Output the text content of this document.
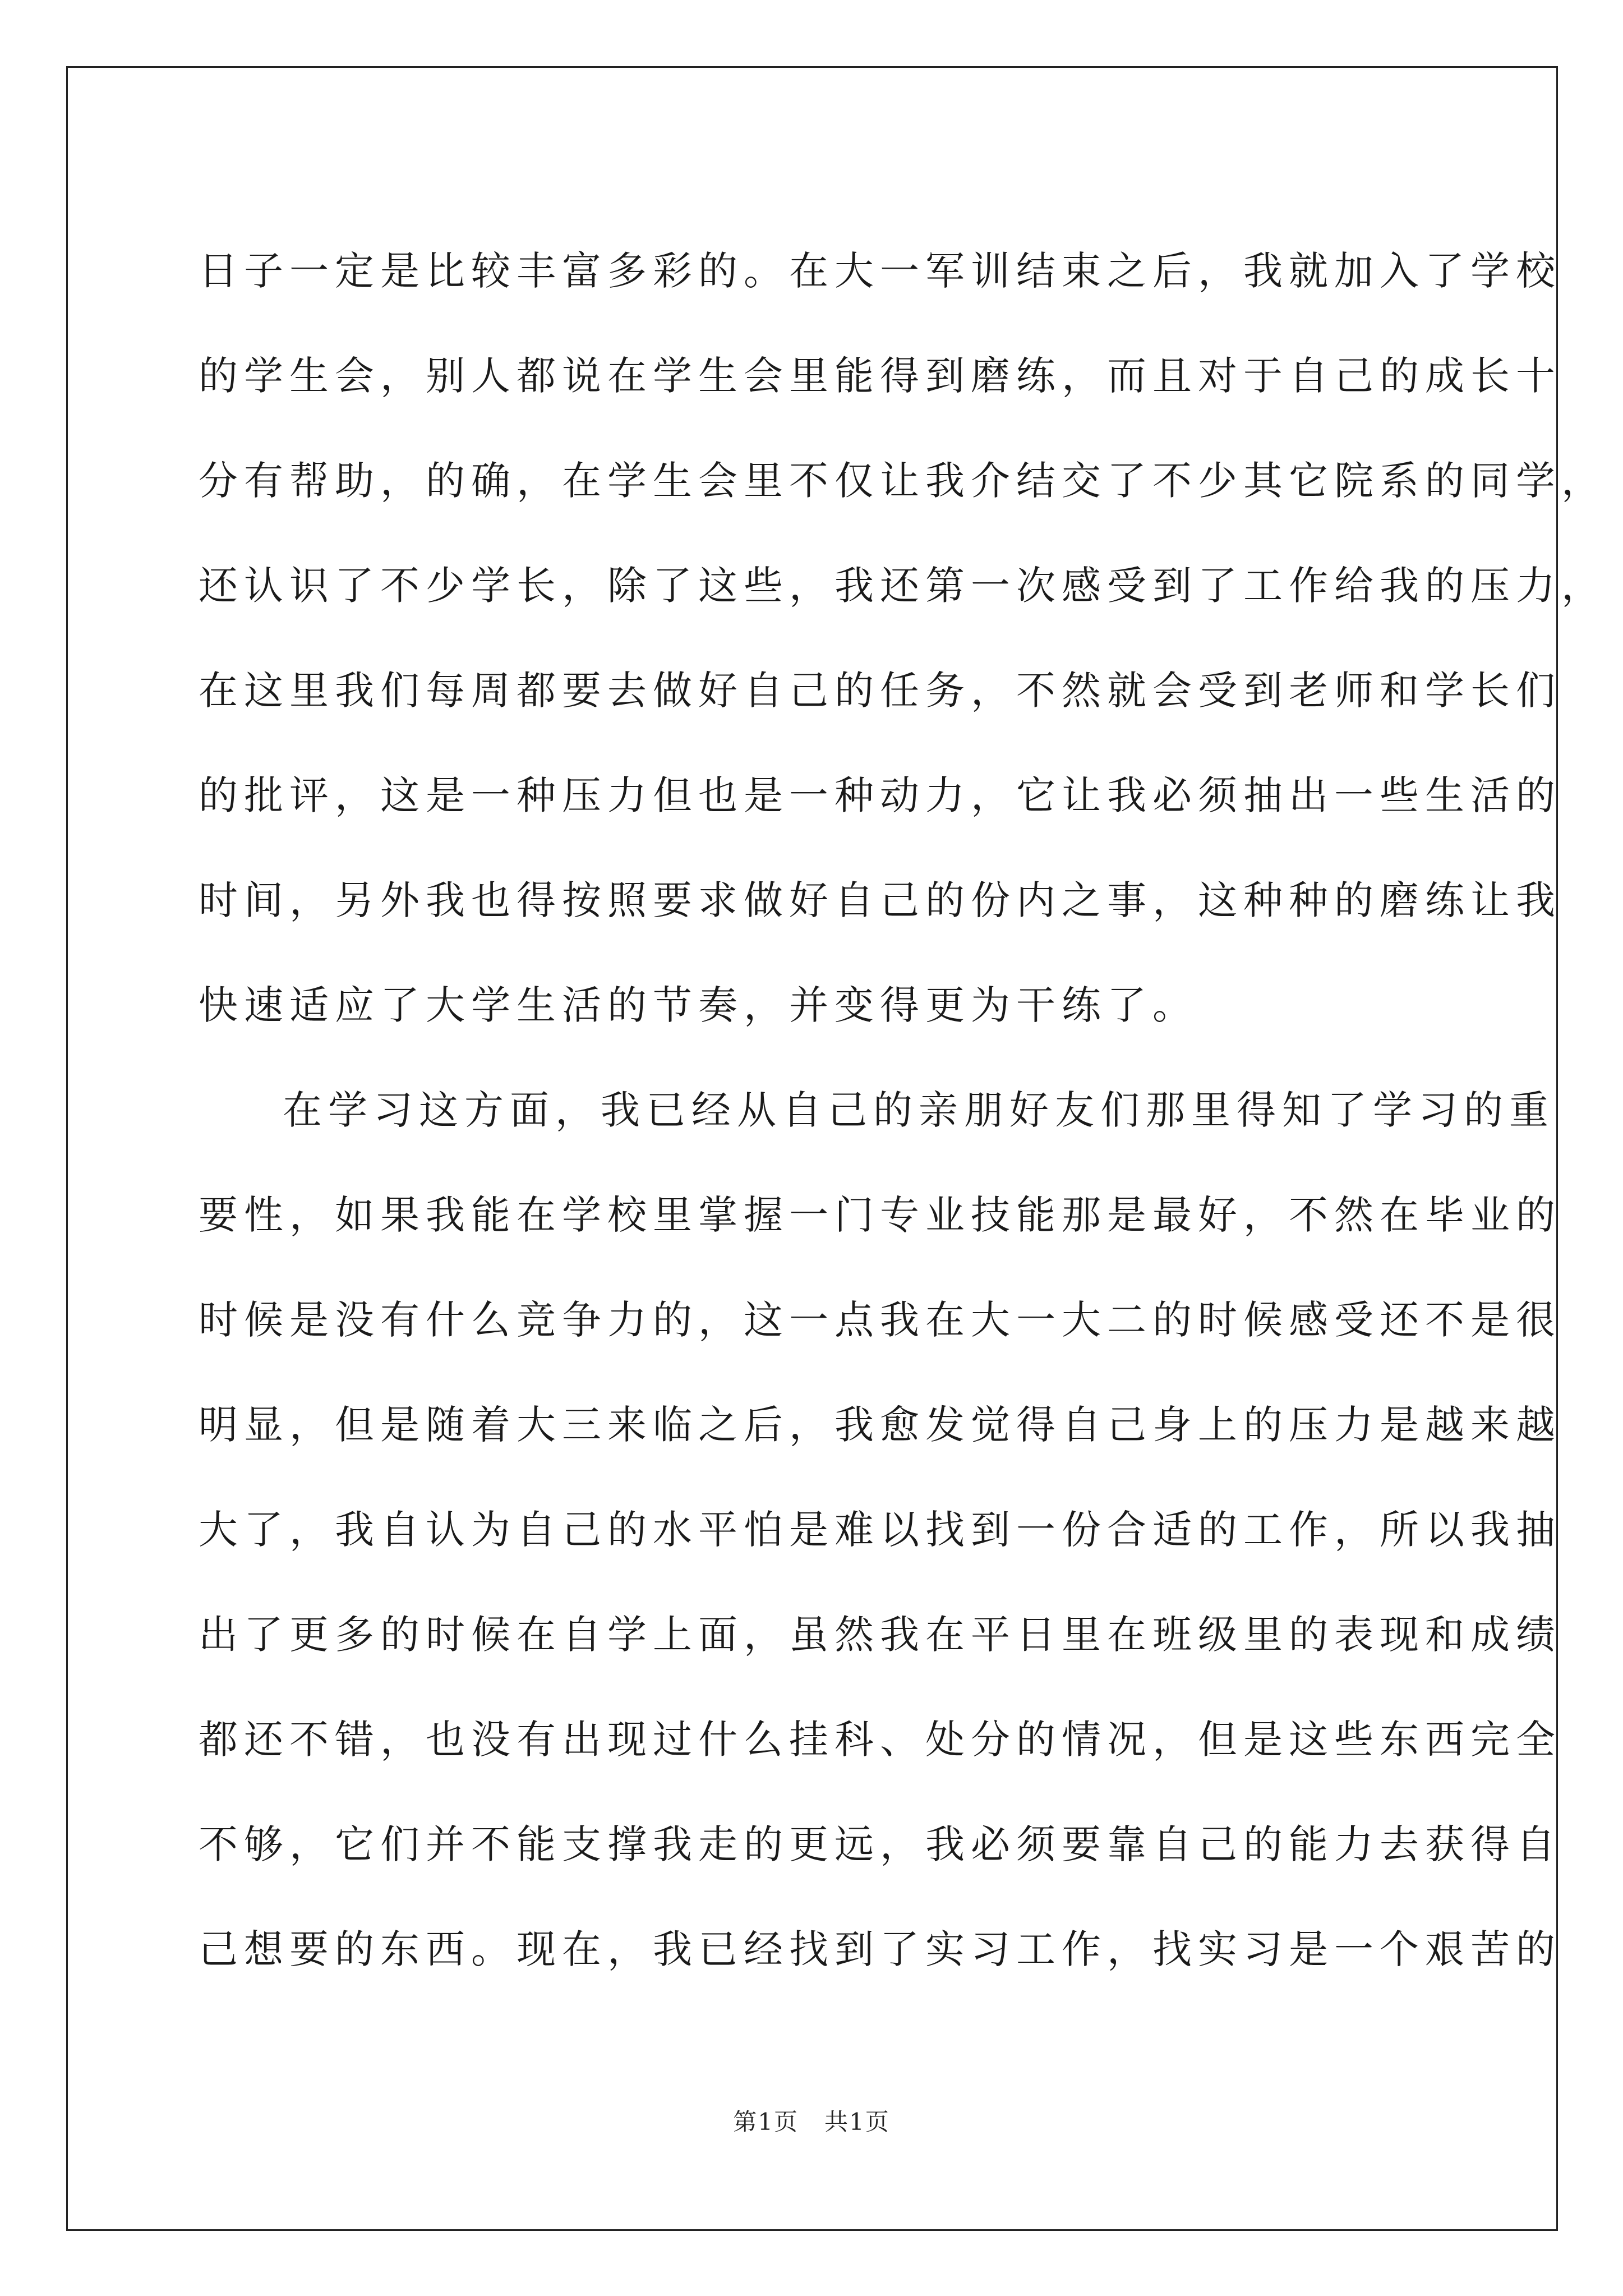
日子一定是比较丰富多彩的。在大一军训结束之后，我就加入了学校
的学生会，别人都说在学生会里能得到磨练，而且对于自己的成长十
分有帮助，的确，在学生会里不仅让我介结交了不少其它院系的同学，
还认识了不少学长，除了这些，我还第一次感受到了工作给我的压力，
在这里我们每周都要去做好自己的任务，不然就会受到老师和学长们
的批评，这是一种压力但也是一种动力，它让我必须抽出一些生活的
时间，另外我也得按照要求做好自己的份内之事，这种种的磨练让我
快速适应了大学生活的节奏，并变得更为干练了。
在学习这方面，我已经从自己的亲朋好友们那里得知了学习的重
要性，如果我能在学校里掌握一门专业技能那是最好，不然在毕业的
时候是没有什么竞争力的，这一点我在大一大二的时候感受还不是很
明显，但是随着大三来临之后，我愈发觉得自己身上的压力是越来越
大了，我自认为自己的水平怕是难以找到一份合适的工作，所以我抽
出了更多的时候在自学上面，虽然我在平日里在班级里的表现和成绩
都还不错，也没有出现过什么挂科、处分的情况，但是这些东西完全
不够，它们并不能支撑我走的更远，我必须要靠自己的能力去获得自
己想要的东西。现在，我已经找到了实习工作，找实习是一个艰苦的
第1页   共1页
